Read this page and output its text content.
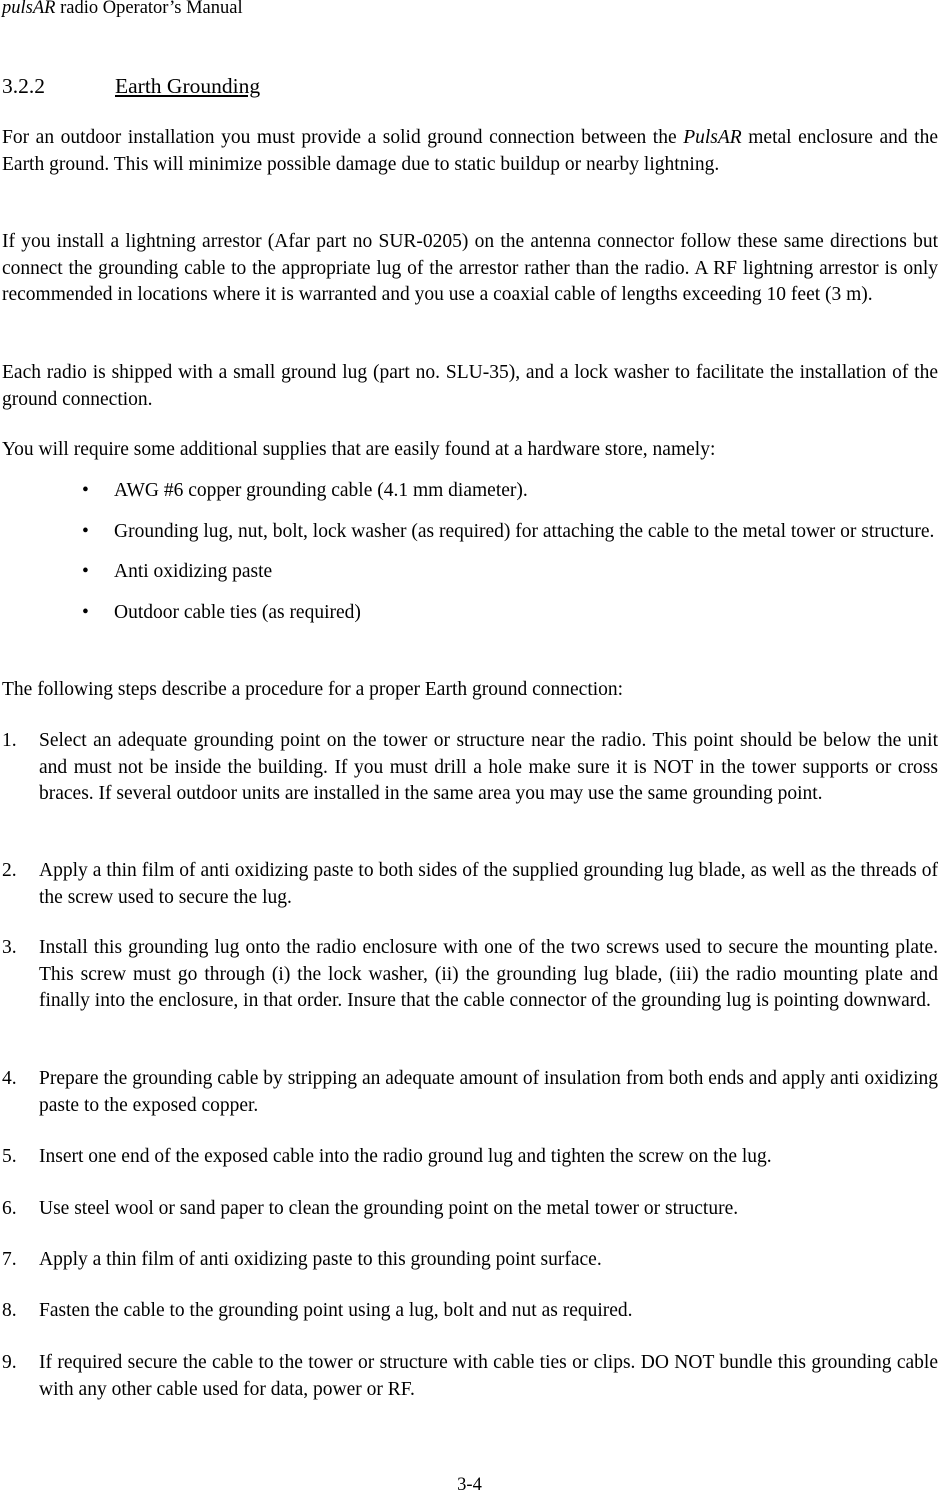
pulsAR radio Operator’s Manual
3.2.2	Earth Grounding

For an outdoor installation you must provide a solid ground connection between the PulsAR metal enclosure and the Earth ground. This will minimize possible damage due to static buildup or nearby lightning.

If you install a lightning arrestor (Afar part no SUR-0205) on the antenna connector follow these same directions but connect the grounding cable to the appropriate lug of the arrestor rather than the radio. A RF lightning arrestor is only recommended in locations where it is warranted and you use a coaxial cable of lengths exceeding 10 feet (3 m).

Each radio is shipped with a small ground lug (part no. SLU-35), and a lock washer to facilitate the installation of the ground connection.

You will require some additional supplies that are easily found at a hardware store, namely:

• AWG #6 copper grounding cable (4.1 mm diameter).
• Grounding lug, nut, bolt, lock washer (as required) for attaching the cable to the metal tower or structure.
• Anti oxidizing paste
• Outdoor cable ties (as required)

The following steps describe a procedure for a proper Earth ground connection:

1. Select an adequate grounding point on the tower or structure near the radio. This point should be below the unit and must not be inside the building. If you must drill a hole make sure it is NOT in the tower supports or cross braces. If several outdoor units are installed in the same area you may use the same grounding point.
2. Apply a thin film of anti oxidizing paste to both sides of the supplied grounding lug blade, as well as the threads of the screw used to secure the lug.
3. Install this grounding lug onto the radio enclosure with one of the two screws used to secure the mounting plate. This screw must go through (i) the lock washer, (ii) the grounding lug blade, (iii) the radio mounting plate and finally into the enclosure, in that order. Insure that the cable connector of the grounding lug is pointing downward.
4. Prepare the grounding cable by stripping an adequate amount of insulation from both ends and apply anti oxidizing paste to the exposed copper.
5. Insert one end of the exposed cable into the radio ground lug and tighten the screw on the lug.
6. Use steel wool or sand paper to clean the grounding point on the metal tower or structure.
7. Apply a thin film of anti oxidizing paste to this grounding point surface.
8. Fasten the cable to the grounding point using a lug, bolt and nut as required.
9. If required secure the cable to the tower or structure with cable ties or clips. DO NOT bundle this grounding cable with any other cable used for data, power or RF.
3-4
